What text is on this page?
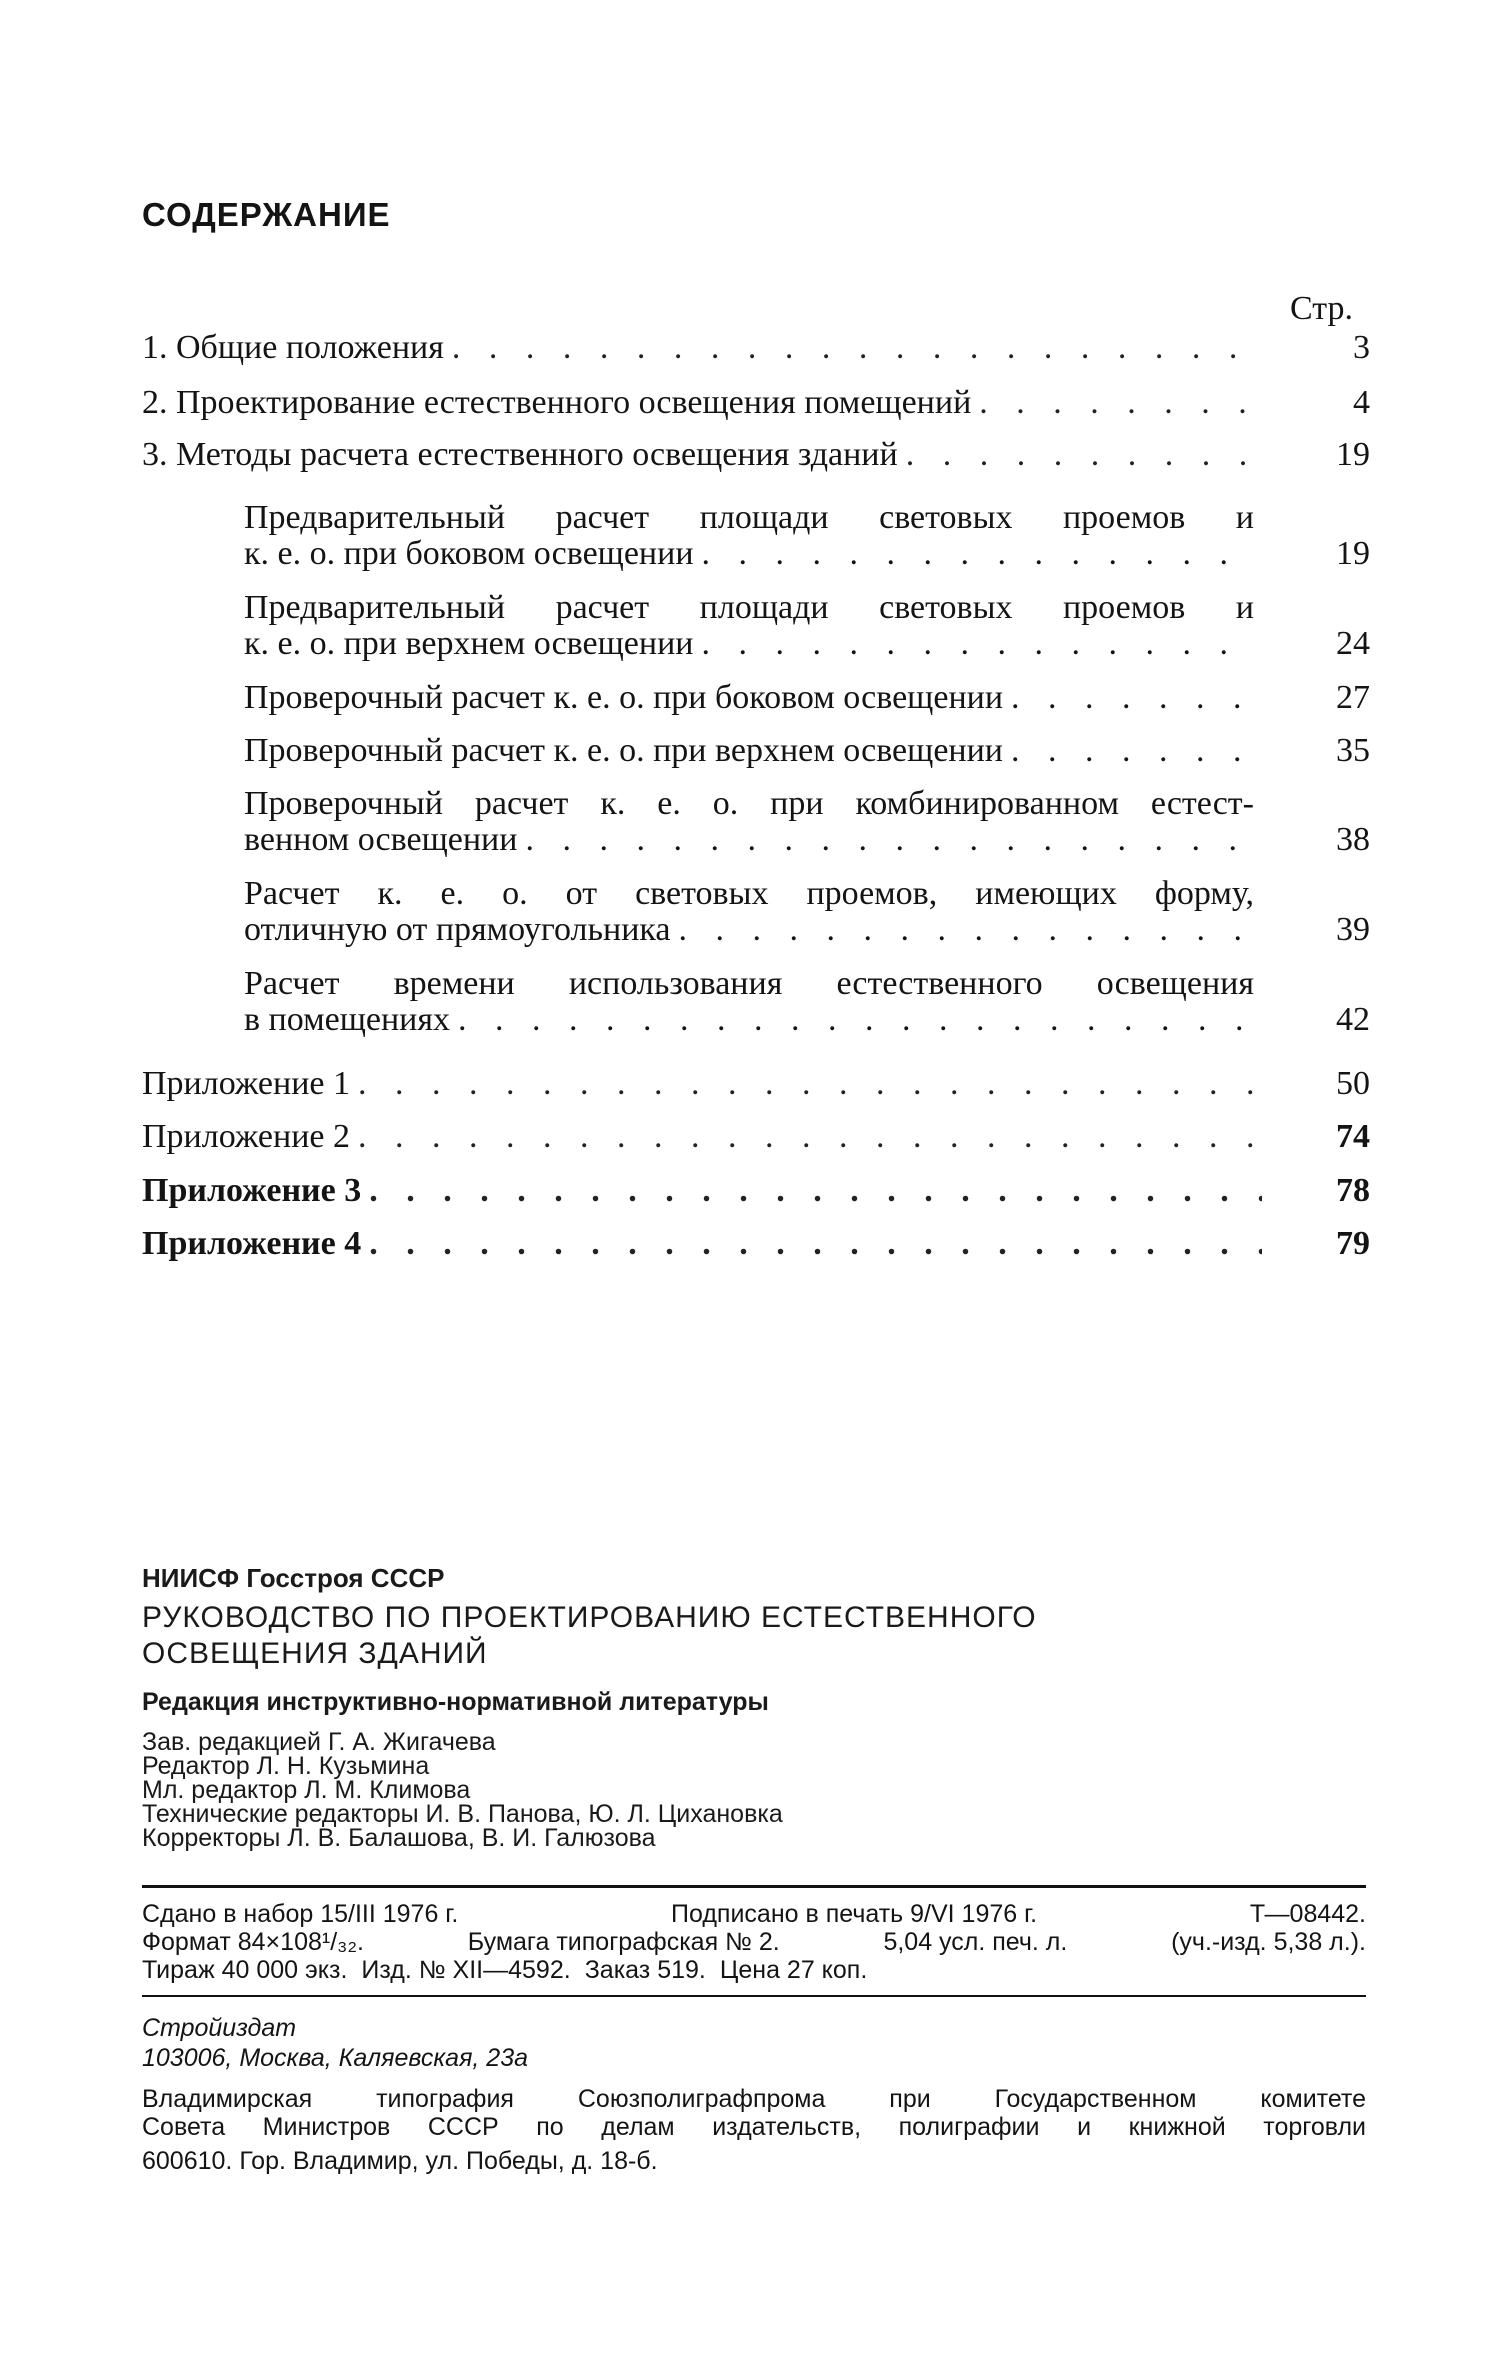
СОДЕРЖАНИЕ
Стр.
1. Общие положения . . .	3
2. Проектирование естественного освещения помещений . . .	4
3. Методы расчета естественного освещения зданий . . .	19
Предварительный расчет площади световых проемов и
к. е. о. при боковом освещении . . .	19
Предварительный расчет площади световых проемов и
к. е. о. при верхнем освещении . . .	24
Проверочный расчет к. е. о. при боковом освещении . . .	27
Проверочный расчет к. е. о. при верхнем освещении . . .	35
Проверочный расчет к. е. о. при комбинированном естест-
венном освещении . . .	38
Расчет к. е. о. от световых проемов, имеющих форму,
отличную от прямоугольника . . .	39
Расчет времени использования естественного освещения
в помещениях . . .	42
Приложение 1 . . .	50
Приложение 2 . . .	74
Приложение 3 . . .	78
Приложение 4 . . .	79
НИИСФ Госстроя СССР
РУКОВОДСТВО ПО ПРОЕКТИРОВАНИЮ ЕСТЕСТВЕННОГО
ОСВЕЩЕНИЯ ЗДАНИЙ
Редакция инструктивно-нормативной литературы
Зав. редакцией Г. А. Жигачева
Редактор Л. Н. Кузьмина
Мл. редактор Л. М. Климова
Технические редакторы И. В. Панова, Ю. Л. Цихановка
Корректоры Л. В. Балашова, В. И. Галюзова
Сдано в набор 15/III 1976 г.	Подписано в печать 9/VI 1976 г.	Т—08442.
Формат 84×108¹/₃₂.	Бумага типографская № 2.	5,04 усл. печ. л.	(уч.-изд. 5,38 л.).
Тираж 40 000 экз. Изд. № XII—4592. Заказ 519. Цена 27 коп.
Стройиздат
103006, Москва, Каляевская, 23а
Владимирская типография Союзполиграфпрома при Государственном комитете
Совета Министров СССР по делам издательств, полиграфии и книжной торговли
600610. Гор. Владимир, ул. Победы, д. 18-б.
